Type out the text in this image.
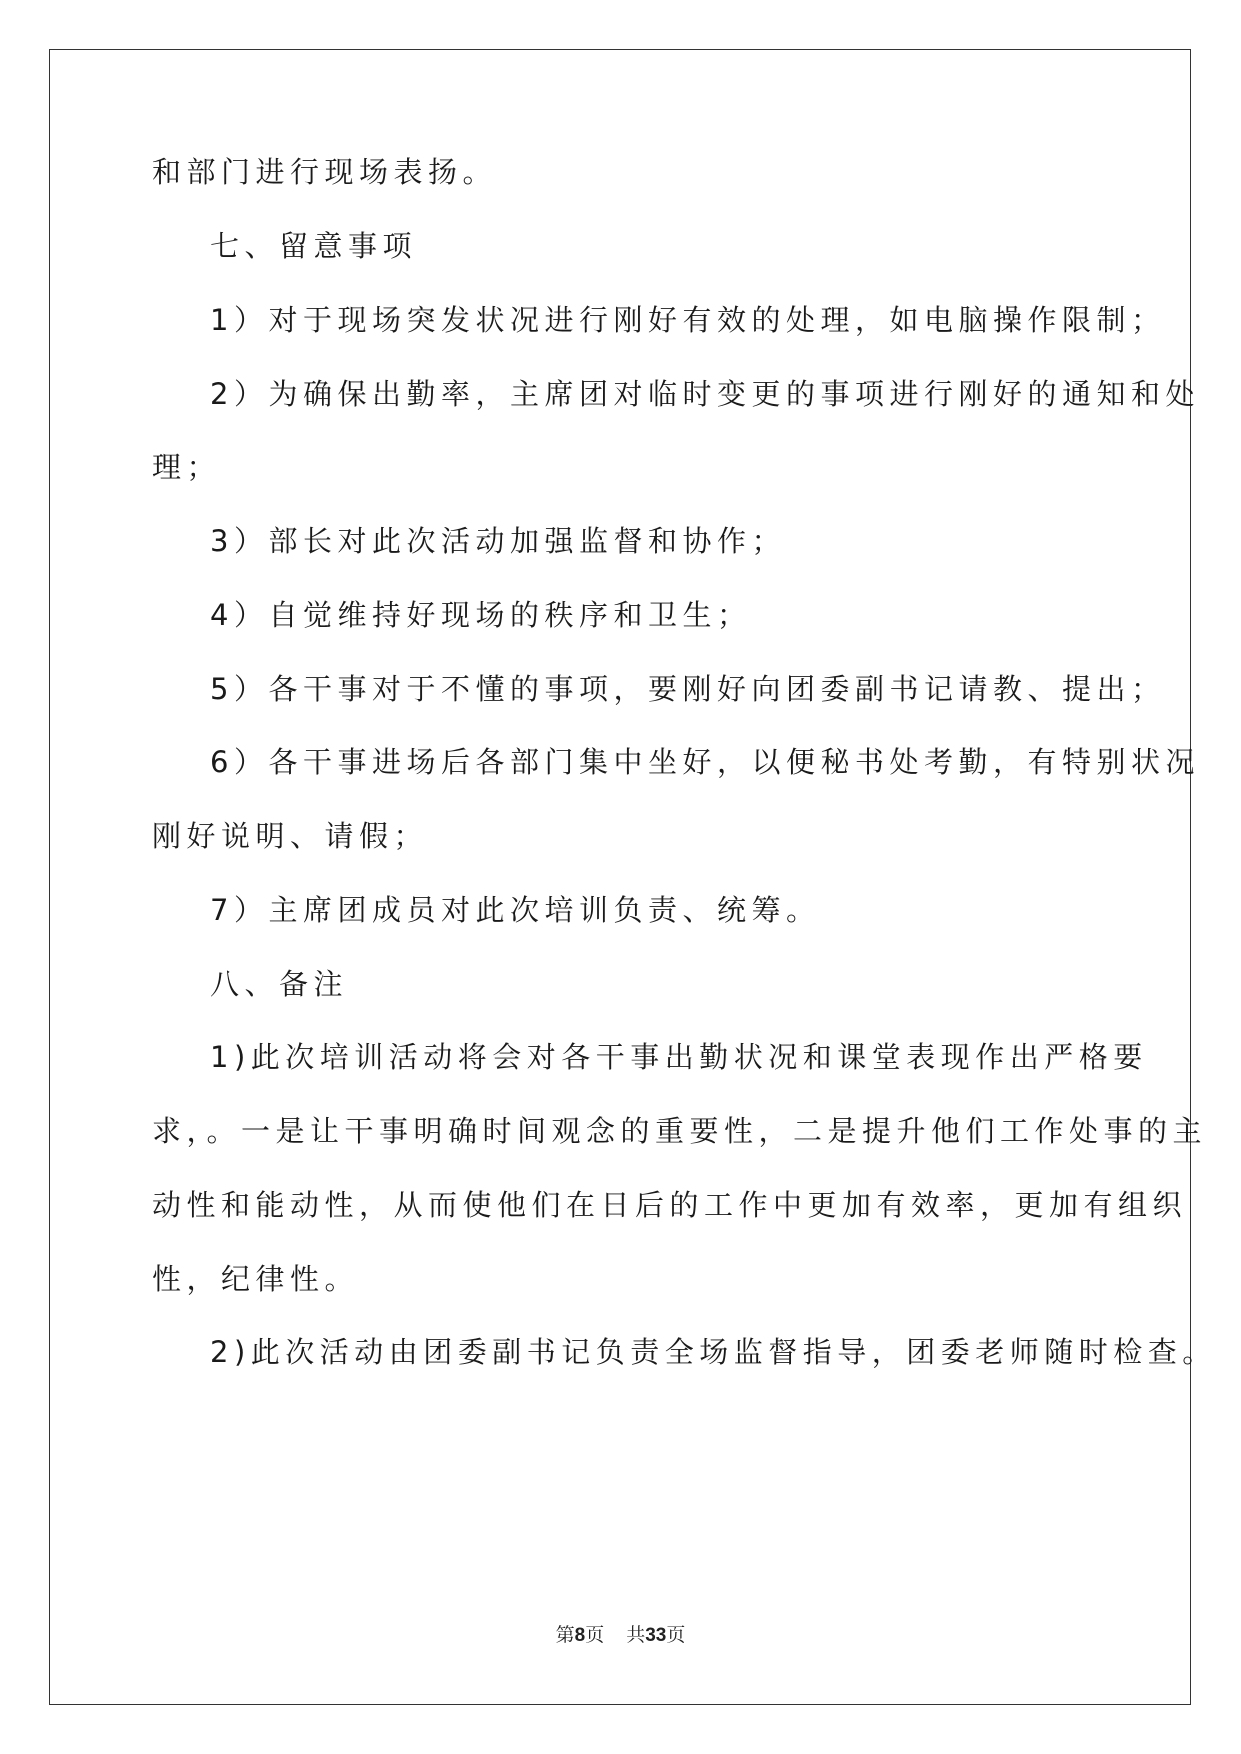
和部门进行现场表扬。
七、留意事项
1）对于现场突发状况进行刚好有效的处理，如电脑操作限制；
2）为确保出勤率，主席团对临时变更的事项进行刚好的通知和处
理；
3）部长对此次活动加强监督和协作；
4）自觉维持好现场的秩序和卫生；
5）各干事对于不懂的事项，要刚好向团委副书记请教、提出；
6）各干事进场后各部门集中坐好，以便秘书处考勤，有特别状况
刚好说明、请假；
7）主席团成员对此次培训负责、统筹。
八、备注
1)此次培训活动将会对各干事出勤状况和课堂表现作出严格要
求，。一是让干事明确时间观念的重要性，二是提升他们工作处事的主
动性和能动性，从而使他们在日后的工作中更加有效率，更加有组织
性，纪律性。
2)此次活动由团委副书记负责全场监督指导，团委老师随时检查。
第8页 共33页
